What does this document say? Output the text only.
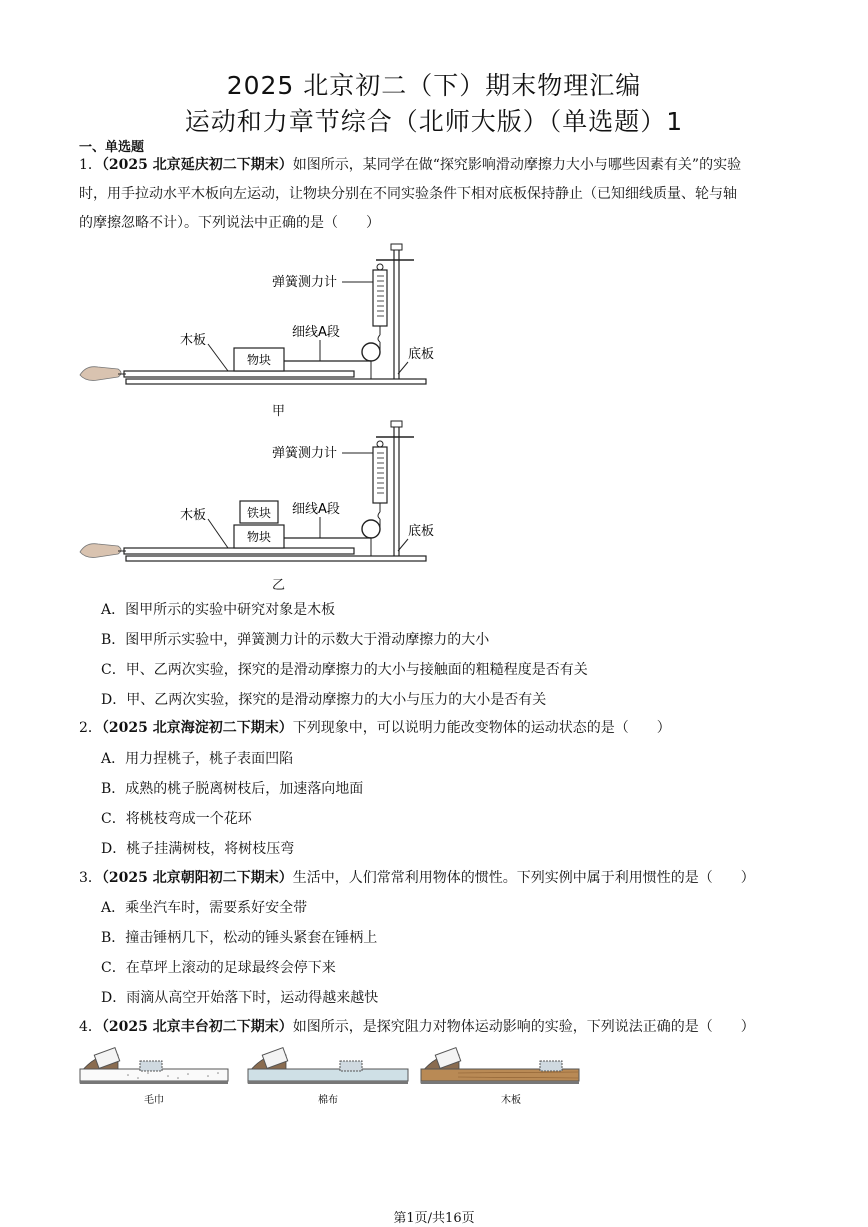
2025 北京初二（下）期末物理汇编
运动和力章节综合（北师大版）（单选题）1
一、单选题
1．（2025 北京延庆初二下期末）如图所示，某同学在做“探究影响滑动摩擦力大小与哪些因素有关”的实验
时，用手拉动水平木板向左运动，让物块分别在不同实验条件下相对底板保持静止（已知细线质量、轮与轴
的摩擦忽略不计）。下列说法中正确的是（　　）
物块
弹簧测力计
细线A段
木板
底板
甲
物块
铁块
弹簧测力计
细线A段
木板
底板
乙
A．图甲所示的实验中研究对象是木板
B．图甲所示实验中，弹簧测力计的示数大于滑动摩擦力的大小
C．甲、乙两次实验，探究的是滑动摩擦力的大小与接触面的粗糙程度是否有关
D．甲、乙两次实验，探究的是滑动摩擦力的大小与压力的大小是否有关
2．（2025 北京海淀初二下期末）下列现象中，可以说明力能改变物体的运动状态的是（　　）
A．用力捏桃子，桃子表面凹陷
B．成熟的桃子脱离树枝后，加速落向地面
C．将桃枝弯成一个花环
D．桃子挂满树枝，将树枝压弯
3．（2025 北京朝阳初二下期末）生活中，人们常常利用物体的惯性。下列实例中属于利用惯性的是（　　）
A．乘坐汽车时，需要系好安全带
B．撞击锤柄几下，松动的锤头紧套在锤柄上
C．在草坪上滚动的足球最终会停下来
D．雨滴从高空开始落下时，运动得越来越快
4．（2025 北京丰台初二下期末）如图所示，是探究阻力对物体运动影响的实验，下列说法正确的是（　　）
毛巾	棉布	木板
第1页/共16页
